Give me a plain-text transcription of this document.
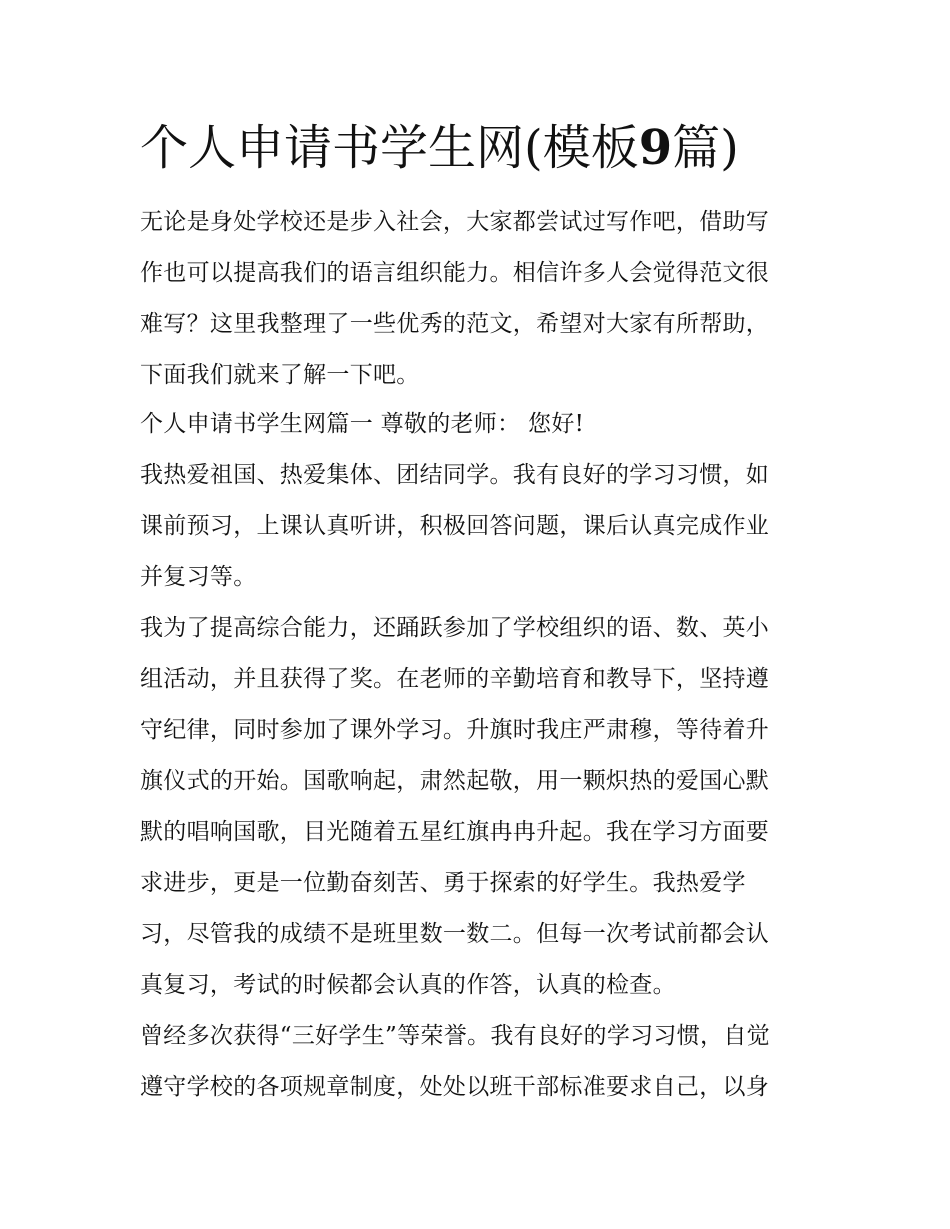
个人申请书学生网(模板9篇)
无论是身处学校还是步入社会，大家都尝试过写作吧，借助写
作也可以提高我们的语言组织能力。相信许多人会觉得范文很
难写？这里我整理了一些优秀的范文，希望对大家有所帮助，
下面我们就来了解一下吧。
个人申请书学生网篇一 尊敬的老师： 您好!
我热爱祖国、热爱集体、团结同学。我有良好的学习习惯，如
课前预习，上课认真听讲，积极回答问题，课后认真完成作业
并复习等。
我为了提高综合能力，还踊跃参加了学校组织的语、数、英小
组活动，并且获得了奖。在老师的辛勤培育和教导下，坚持遵
守纪律，同时参加了课外学习。升旗时我庄严肃穆，等待着升
旗仪式的开始。国歌响起，肃然起敬，用一颗炽热的爱国心默
默的唱响国歌，目光随着五星红旗冉冉升起。我在学习方面要
求进步，更是一位勤奋刻苦、勇于探索的好学生。我热爱学
习，尽管我的成绩不是班里数一数二。但每一次考试前都会认
真复习，考试的时候都会认真的作答，认真的检查。
曾经多次获得“三好学生”等荣誉。我有良好的学习习惯，自觉
遵守学校的各项规章制度，处处以班干部标准要求自己，以身
